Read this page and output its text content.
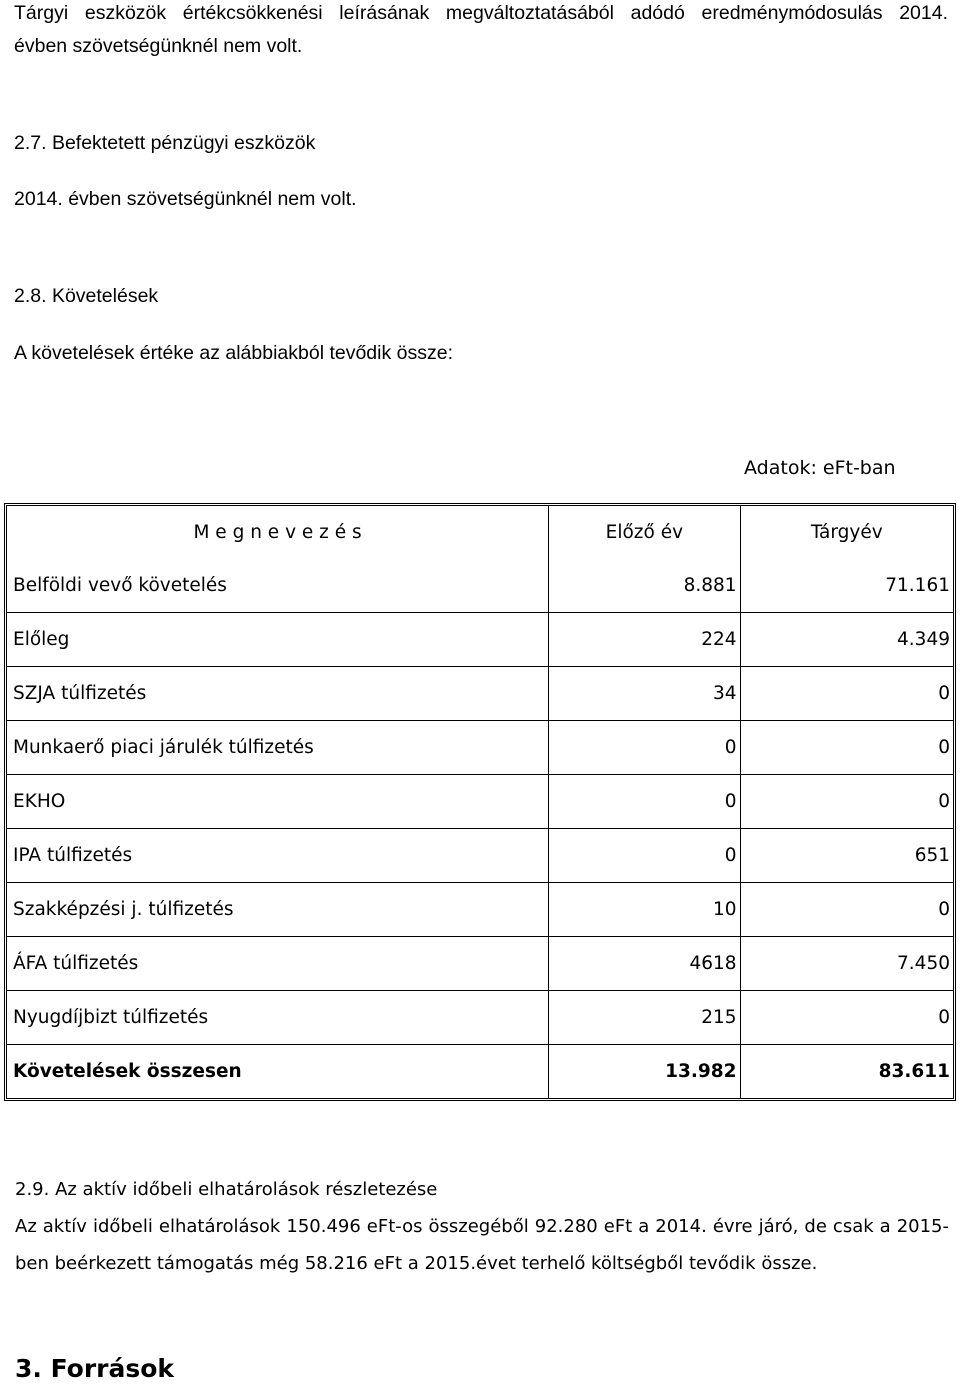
Tárgyi eszközök értékcsökkenési leírásának megváltoztatásából adódó eredménymódosulás 2014.

évben szövetségünknél nem volt.

2.7. Befektetett pénzügyi eszközök

2014. évben szövetségünknél nem volt.

2.8. Követelések

A követelések értéke az alábbiakból tevődik össze:

Adatok: eFt-ban
M e g n e v e z é s	Előző év	Tárgyév
Belföldi vevő követelés	8.881	71.161
Előleg	224	4.349
SZJA túlfizetés	34	0
Munkaerő piaci járulék túlfizetés	0	0
EKHO	0	0
IPA túlfizetés	0	651
Szakképzési j. túlfizetés	10	0
ÁFA túlfizetés	4618	7.450
Nyugdíjbizt túlfizetés	215	0
Követelések összesen	13.982	83.611

2.9. Az aktív időbeli elhatárolások részletezése

Az aktív időbeli elhatárolások 150.496 eFt-os összegéből 92.280 eFt a 2014. évre járó, de csak a 2015-

ben beérkezett támogatás még 58.216 eFt a 2015.évet terhelő költségből tevődik össze.

3. Források
